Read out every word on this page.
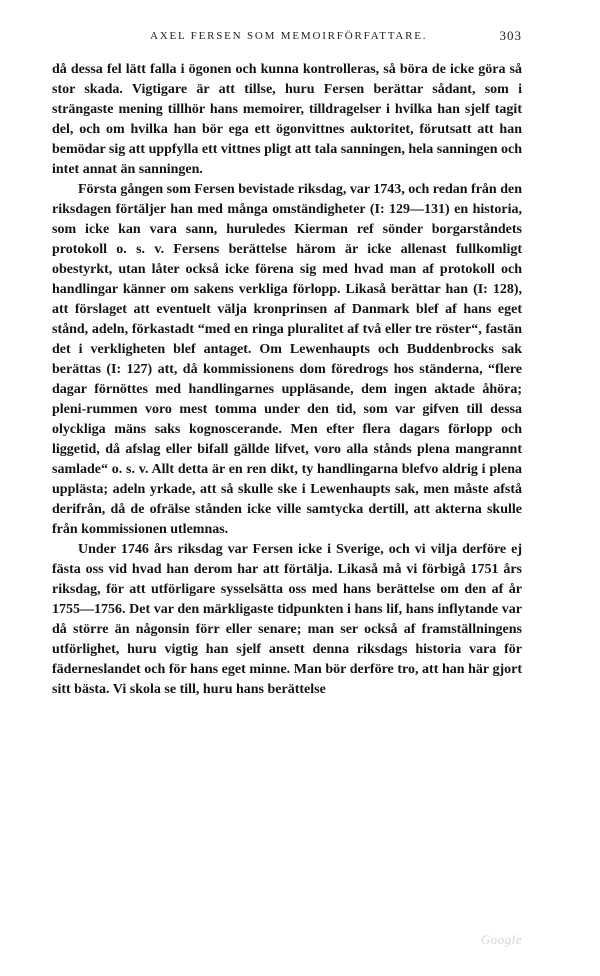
AXEL FERSEN SOM MEMOIRFÖRFATTARE.	303

då dessa fel lätt falla i ögonen och kunna kontrolleras, så böra de icke göra så stor skada. Vigtigare är att tillse, huru Fersen berättar sådant, som i strängaste mening tillhör hans memoirer, tilldragelser i hvilka han sjelf tagit del, och om hvilka han bör ega ett ögonvittnes auktoritet, förutsatt att han bemödar sig att uppfylla ett vittnes pligt att tala sanningen, hela sanningen och intet annat än sanningen.

Första gången som Fersen bevistade riksdag, var 1743, och redan från den riksdagen förtäljer han med många omständigheter (I: 129—131) en historia, som icke kan vara sann, huruledes Kierman ref sönder borgarståndets protokoll o. s. v. Fersens berättelse härom är icke allenast fullkomligt obestyrkt, utan låter också icke förena sig med hvad man af protokoll och handlingar känner om sakens verkliga förlopp. Likaså berättar han (I: 128), att förslaget att eventuelt välja kronprinsen af Danmark blef af hans eget stånd, adeln, förkastadt “med en ringa pluralitet af två eller tre röster“, fastän det i verkligheten blef antaget. Om Lewenhaupts och Buddenbrocks sak berättas (I: 127) att, då kommissionens dom föredrogs hos ständerna, “flere dagar förnöttes med handlingarnes uppläsande, dem ingen aktade åhöra; pleni-rummen voro mest tomma under den tid, som var gifven till dessa olyckliga mäns saks kognoscerande. Men efter flera dagars förlopp och liggetid, då afslag eller bifall gällde lifvet, voro alla stånds plena mangrannt samlade“ o. s. v. Allt detta är en ren dikt, ty handlingarna blefvo aldrig i plena upplästa; adeln yrkade, att så skulle ske i Lewenhaupts sak, men måste afstå derifrån, då de ofrälse stånden icke ville samtycka dertill, att akterna skulle från kommissionen utlemnas.

Under 1746 års riksdag var Fersen icke i Sverige, och vi vilja derföre ej fästa oss vid hvad han derom har att förtälja. Likaså må vi förbigå 1751 års riksdag, för att utförligare sysselsätta oss med hans berättelse om den af år 1755—1756. Det var den märkligaste tidpunkten i hans lif, hans inflytande var då större än någonsin förr eller senare; man ser också af framställningens utförlighet, huru vigtig han sjelf ansett denna riksdags historia vara för fäderneslandet och för hans eget minne. Man bör derföre tro, att han här gjort sitt bästa. Vi skola se till, huru hans berättelse

Google
